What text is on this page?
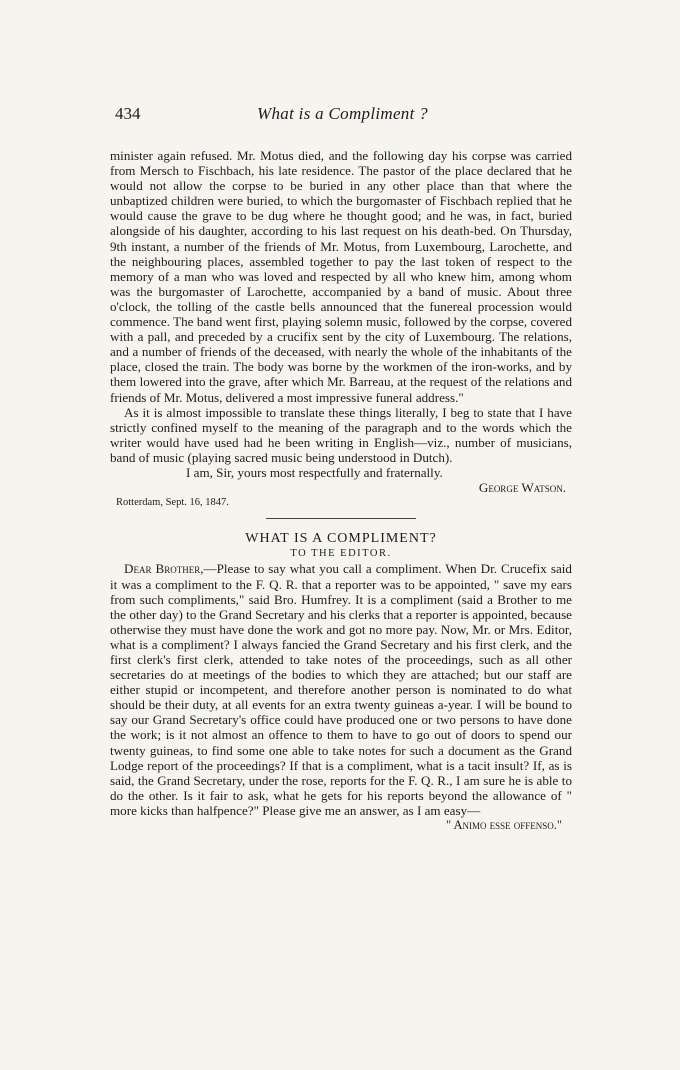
434	What is a Compliment ?

minister again refused. Mr. Motus died, and the following day his corpse was carried from Mersch to Fischbach, his late residence. The pastor of the place declared that he would not allow the corpse to be buried in any other place than that where the unbaptized children were buried, to which the burgomaster of Fischbach replied that he would cause the grave to be dug where he thought good; and he was, in fact, buried alongside of his daughter, according to his last request on his death-bed. On Thursday, 9th instant, a number of the friends of Mr. Motus, from Luxembourg, Larochette, and the neighbouring places, assembled together to pay the last token of respect to the memory of a man who was loved and respected by all who knew him, among whom was the burgomaster of Larochette, accompanied by a band of music. About three o'clock, the tolling of the castle bells announced that the funereal procession would commence. The band went first, playing solemn music, followed by the corpse, covered with a pall, and preceded by a crucifix sent by the city of Luxembourg. The relations, and a number of friends of the deceased, with nearly the whole of the inhabitants of the place, closed the train. The body was borne by the workmen of the iron-works, and by them lowered into the grave, after which Mr. Barreau, at the request of the relations and friends of Mr. Motus, delivered a most impressive funeral address."

As it is almost impossible to translate these things literally, I beg to state that I have strictly confined myself to the meaning of the paragraph and to the words which the writer would have used had he been writing in English—viz., number of musicians, band of music (playing sacred music being understood in Dutch).

I am, Sir, yours most respectfully and fraternally.

George Watson.

Rotterdam, Sept. 16, 1847.

WHAT IS A COMPLIMENT?

TO THE EDITOR.

Dear Brother,—Please to say what you call a compliment. When Dr. Crucefix said it was a compliment to the F. Q. R. that a reporter was to be appointed, " save my ears from such compliments," said Bro. Humfrey. It is a compliment (said a Brother to me the other day) to the Grand Secretary and his clerks that a reporter is appointed, because otherwise they must have done the work and got no more pay. Now, Mr. or Mrs. Editor, what is a compliment? I always fancied the Grand Secretary and his first clerk, and the first clerk's first clerk, attended to take notes of the proceedings, such as all other secretaries do at meetings of the bodies to which they are attached; but our staff are either stupid or incompetent, and therefore another person is nominated to do what should be their duty, at all events for an extra twenty guineas a-year. I will be bound to say our Grand Secretary's office could have produced one or two persons to have done the work; is it not almost an offence to them to have to go out of doors to spend our twenty guineas, to find some one able to take notes for such a document as the Grand Lodge report of the proceedings? If that is a compliment, what is a tacit insult? If, as is said, the Grand Secretary, under the rose, reports for the F. Q. R., I am sure he is able to do the other. Is it fair to ask, what he gets for his reports beyond the allowance of " more kicks than halfpence?" Please give me an answer, as I am easy—

" Animo esse offenso."
